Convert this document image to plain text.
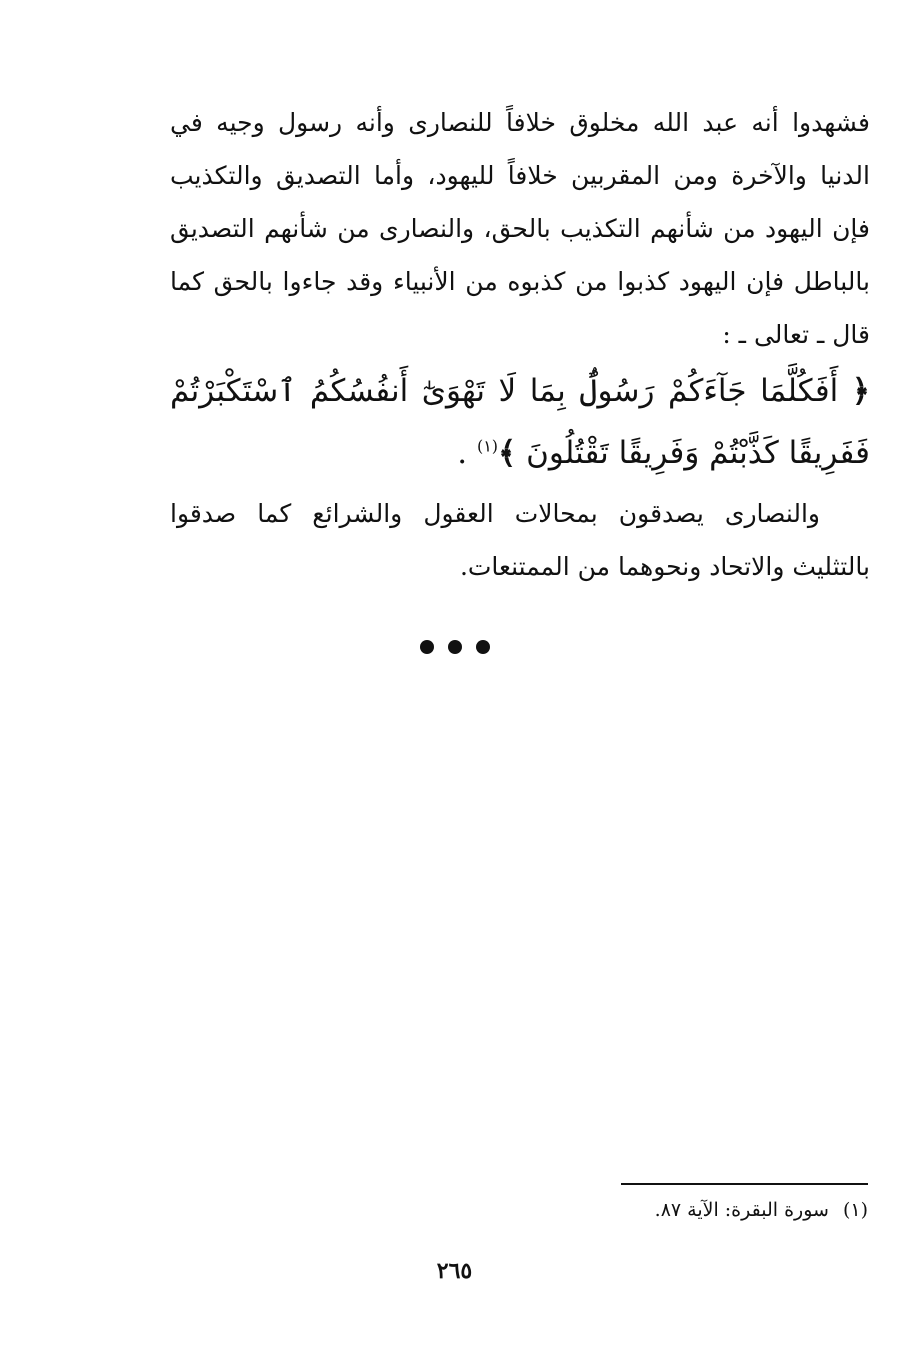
فشهدوا أنه عبد الله مخلوق خلافاً للنصارى وأنه رسول وجيه في الدنيا والآخرة ومن المقربين خلافاً لليهود، وأما التصديق والتكذيب فإن اليهود من شأنهم التكذيب بالحق، والنصارى من شأنهم التصديق بالباطل فإن اليهود كذبوا من كذبوه من الأنبياء وقد جاءوا بالحق كما قال ـ تعالى ـ :

﴿ أَفَكُلَّمَا جَآءَكُمْ رَسُولٌۢ بِمَا لَا تَهْوَىٰٓ أَنفُسُكُمُ ٱسْتَكْبَرْتُمْ فَفَرِيقًا كَذَّبْتُمْ وَفَرِيقًا تَقْتُلُونَ ﴾$^{(١)}$ .

والنصارى يصدقون بمحالات العقول والشرائع كما صدقوا بالتثليث والاتحاد ونحوهما من الممتنعات.

(١)سورة البقرة: الآية ٨٧.
٢٦٥
